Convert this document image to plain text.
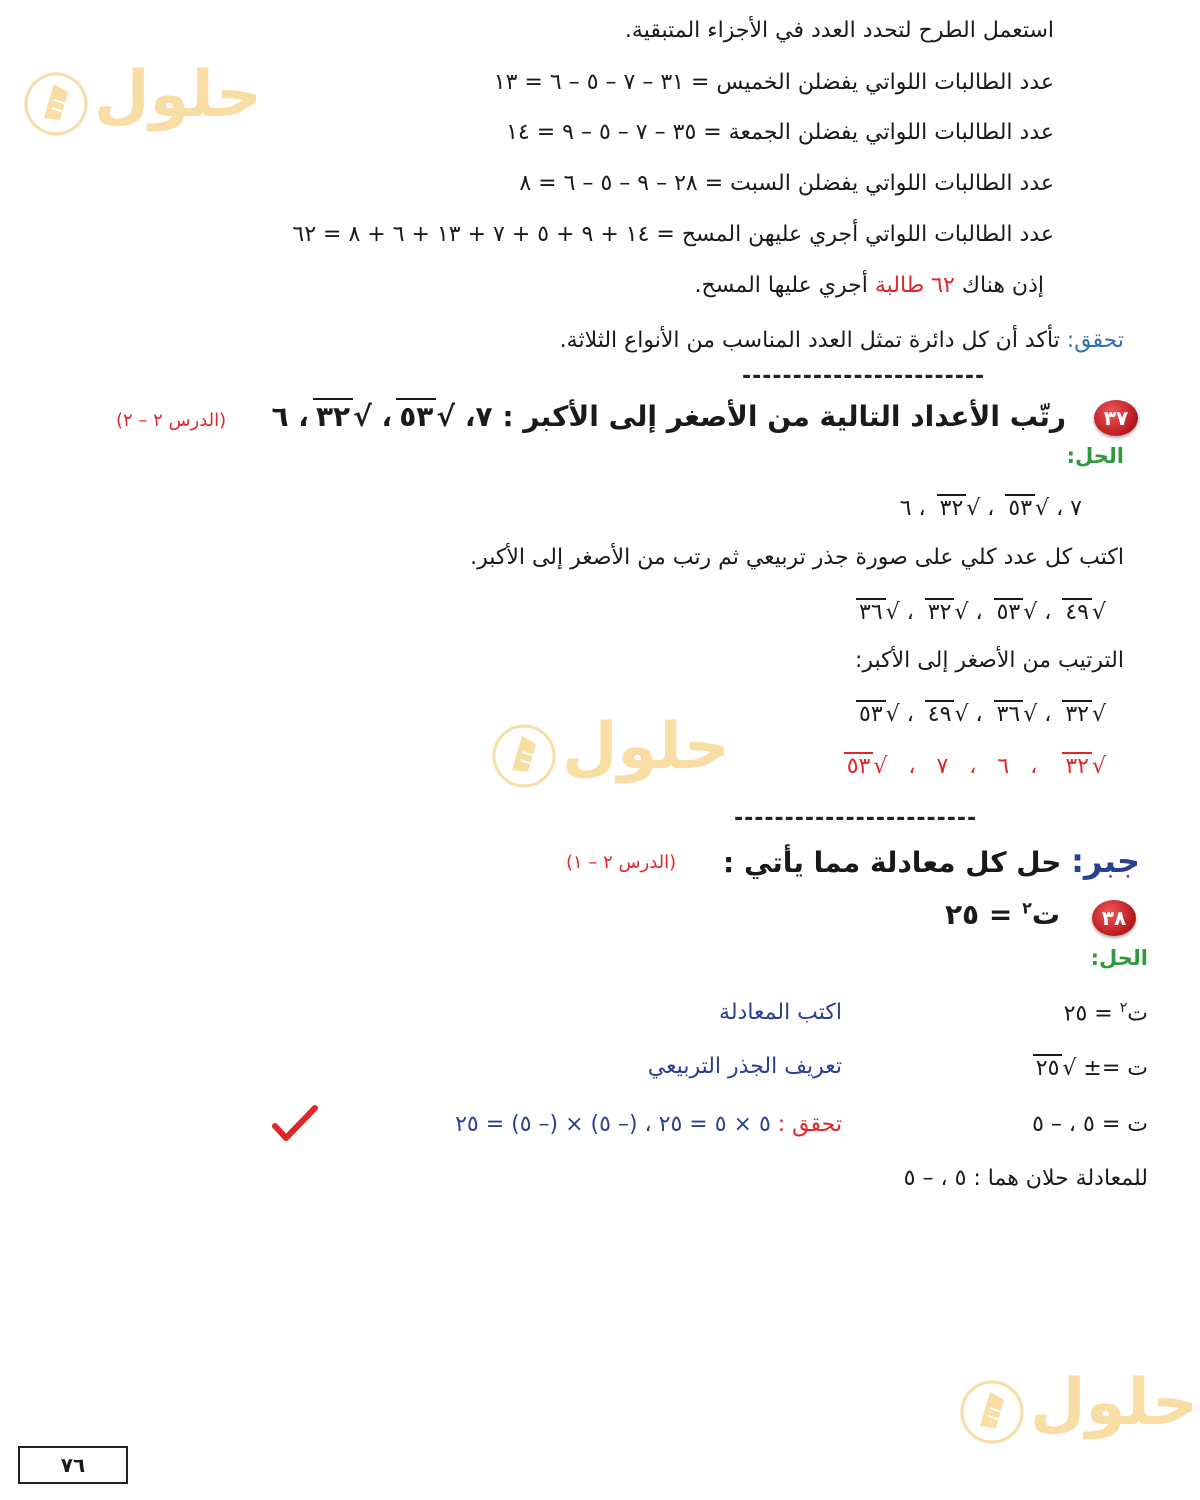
حلول
حلول
حلول
استعمل الطرح لتحدد العدد في الأجزاء المتبقية.
عدد الطالبات اللواتي يفضلن الخميس = ٣١ – ٧ – ٥ – ٦ = ١٣
عدد الطالبات اللواتي يفضلن الجمعة = ٣٥ – ٧ – ٥ – ٩ = ١٤
عدد الطالبات اللواتي يفضلن السبت = ٢٨ – ٩ – ٥ – ٦ = ٨
عدد الطالبات اللواتي أجري عليهن المسح = ١٤ + ٩ + ٥ + ٧ + ١٣ + ٦ + ٨ = ٦٢
إذن هناك ٦٢ طالبة أجري عليها المسح.
تحقق: تأكد أن كل دائرة تمثل العدد المناسب من الأنواع الثلاثة.
------------------------
٣٧
رتّب الأعداد التالية من الأصغر إلى الأكبر : ٧، √٥٣، √٣٢، ٦
(الدرس ٢ – ٢)
الحل:
٧ ، √٥٣ ، √٣٢ ، ٦
اكتب كل عدد كلي على صورة جذر تربيعي ثم رتب من الأصغر إلى الأكبر.
√٤٩ ، √٥٣ ، √٣٢ ، √٣٦
الترتيب من الأصغر إلى الأكبر:
√٣٢ ، √٣٦ ، √٤٩ ، √٥٣
√٣٢ ، ٦ ، ٧ ، √٥٣
------------------------
جبر: حل كل معادلة مما يأتي :
(الدرس ٢ – ١)
٣٨
ت$^٢$ = ٢٥
الحل:
ت$^٢$ = ٢٥
اكتب المعادلة
ت =± √٢٥
تعريف الجذر التربيعي
ت = ٥ ، – ٥
تحقق : ٥ × ٥ = ٢٥ ، (– ٥) × (– ٥) = ٢٥
للمعادلة حلان هما : ٥ ، – ٥
٧٦
